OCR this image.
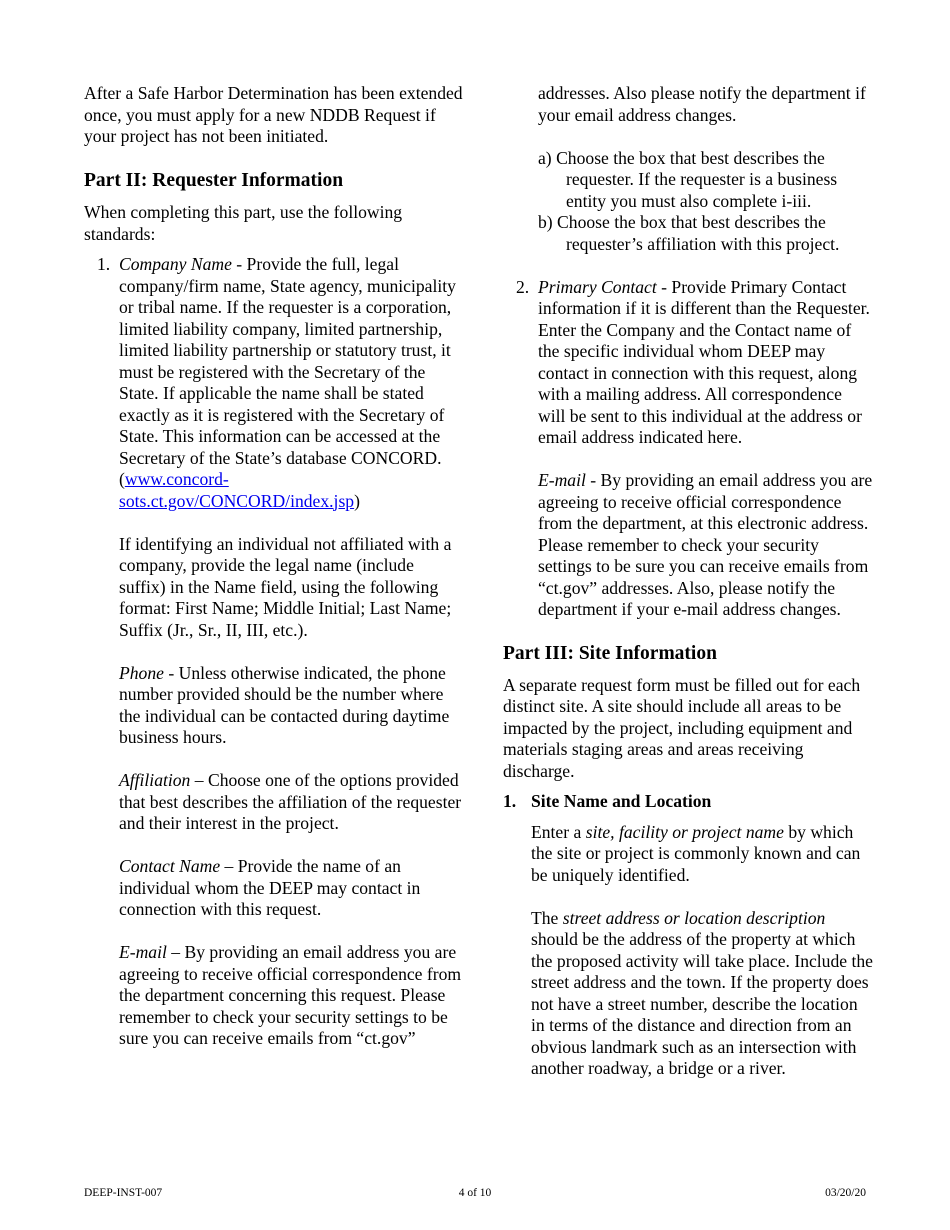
After a Safe Harbor Determination has been extended once, you must apply for a new NDDB Request if your project has not been initiated.

Part II: Requester Information

When completing this part, use the following standards:

1. Company Name - Provide the full, legal company/firm name, State agency, municipality or tribal name. If the requester is a corporation, limited liability company, limited partnership, limited liability partnership or statutory trust, it must be registered with the Secretary of the State. If applicable the name shall be stated exactly as it is registered with the Secretary of State. This information can be accessed at the Secretary of the State’s database CONCORD. (www.concord-sots.ct.gov/CONCORD/index.jsp)

If identifying an individual not affiliated with a company, provide the legal name (include suffix) in the Name field, using the following format: First Name; Middle Initial; Last Name; Suffix (Jr., Sr., II, III, etc.).

Phone - Unless otherwise indicated, the phone number provided should be the number where the individual can be contacted during daytime business hours.

Affiliation – Choose one of the options provided that best describes the affiliation of the requester and their interest in the project.

Contact Name – Provide the name of an individual whom the DEEP may contact in connection with this request.

E-mail – By providing an email address you are agreeing to receive official correspondence from the department concerning this request. Please remember to check your security settings to be sure you can receive emails from “ct.gov”

addresses. Also please notify the department if your email address changes.

a) Choose the box that best describes the requester. If the requester is a business entity you must also complete i-iii.

b) Choose the box that best describes the requester’s affiliation with this project.

2. Primary Contact - Provide Primary Contact information if it is different than the Requester. Enter the Company and the Contact name of the specific individual whom DEEP may contact in connection with this request, along with a mailing address. All correspondence will be sent to this individual at the address or email address indicated here.

E-mail - By providing an email address you are agreeing to receive official correspondence from the department, at this electronic address. Please remember to check your security settings to be sure you can receive emails from “ct.gov” addresses. Also, please notify the department if your e-mail address changes.

Part III: Site Information

A separate request form must be filled out for each distinct site. A site should include all areas to be impacted by the project, including equipment and materials staging areas and areas receiving discharge.

1. Site Name and Location

Enter a site, facility or project name by which the site or project is commonly known and can be uniquely identified.

The street address or location description should be the address of the property at which the proposed activity will take place. Include the street address and the town. If the property does not have a street number, describe the location in terms of the distance and direction from an obvious landmark such as an intersection with another roadway, a bridge or a river.

DEEP-INST-007	4 of 10	03/20/20
